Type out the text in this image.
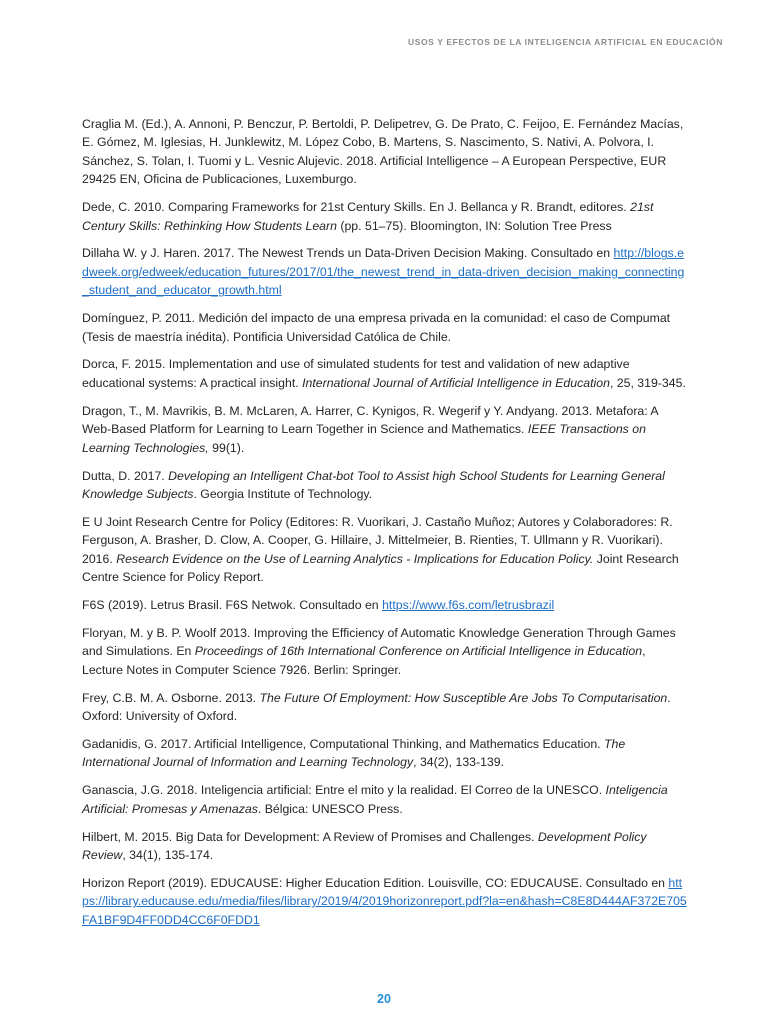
USOS Y EFECTOS DE LA INTELIGENCIA ARTIFICIAL EN EDUCACIÓN

Craglia M. (Ed.), A. Annoni, P. Benczur, P. Bertoldi, P. Delipetrev, G. De Prato, C. Feijoo, E. Fernández Macías, E. Gómez, M. Iglesias, H. Junklewitz, M. López Cobo, B. Martens, S. Nascimento, S. Nativi, A. Polvora, I. Sánchez, S. Tolan, I. Tuomi y L. Vesnic Alujevic. 2018. Artificial Intelligence – A European Perspective, EUR 29425 EN, Oficina de Publicaciones, Luxemburgo.

Dede, C. 2010. Comparing Frameworks for 21st Century Skills. En J. Bellanca y R. Brandt, editores. 21st Century Skills: Rethinking How Students Learn (pp. 51–75). Bloomington, IN: Solution Tree Press

Dillaha W. y J. Haren. 2017. The Newest Trends un Data-Driven Decision Making. Consultado en http://blogs.edweek.org/edweek/education_futures/2017/01/the_newest_trend_in_data-driven_decision_making_connecting_student_and_educator_growth.html

Domínguez, P. 2011. Medición del impacto de una empresa privada en la comunidad: el caso de Compumat (Tesis de maestría inédita). Pontificia Universidad Católica de Chile.

Dorca, F. 2015. Implementation and use of simulated students for test and validation of new adaptive educational systems: A practical insight. International Journal of Artificial Intelligence in Education, 25, 319-345.

Dragon, T., M. Mavrikis, B. M. McLaren, A. Harrer, C. Kynigos, R. Wegerif y Y. Andyang. 2013. Metafora: A Web-Based Platform for Learning to Learn Together in Science and Mathematics. IEEE Transactions on Learning Technologies, 99(1).

Dutta, D. 2017. Developing an Intelligent Chat-bot Tool to Assist high School Students for Learning General Knowledge Subjects. Georgia Institute of Technology.

E U Joint Research Centre for Policy (Editores: R. Vuorikari, J. Castaño Muñoz; Autores y Colaboradores: R. Ferguson, A. Brasher, D. Clow, A. Cooper, G. Hillaire, J. Mittelmeier, B. Rienties, T. Ullmann y R. Vuorikari). 2016. Research Evidence on the Use of Learning Analytics - Implications for Education Policy. Joint Research Centre Science for Policy Report.

F6S (2019). Letrus Brasil. F6S Netwok. Consultado en https://www.f6s.com/letrusbrazil

Floryan, M. y B. P. Woolf 2013. Improving the Efficiency of Automatic Knowledge Generation Through Games and Simulations. En Proceedings of 16th International Conference on Artificial Intelligence in Education, Lecture Notes in Computer Science 7926. Berlin: Springer.

Frey, C.B. M. A. Osborne. 2013. The Future Of Employment: How Susceptible Are Jobs To Computarisation. Oxford: University of Oxford.

Gadanidis, G. 2017. Artificial Intelligence, Computational Thinking, and Mathematics Education. The International Journal of Information and Learning Technology, 34(2), 133-139.

Ganascia, J.G. 2018. Inteligencia artificial: Entre el mito y la realidad. El Correo de la UNESCO. Inteligencia Artificial: Promesas y Amenazas. Bélgica: UNESCO Press.

Hilbert, M. 2015. Big Data for Development: A Review of Promises and Challenges. Development Policy Review, 34(1), 135-174.

Horizon Report (2019). EDUCAUSE: Higher Education Edition. Louisville, CO: EDUCAUSE. Consultado en https://library.educause.edu/media/files/library/2019/4/2019horizonreport.pdf?la=en&hash=C8E8D444AF372E705FA1BF9D4FF0DD4CC6F0FDD1

20
